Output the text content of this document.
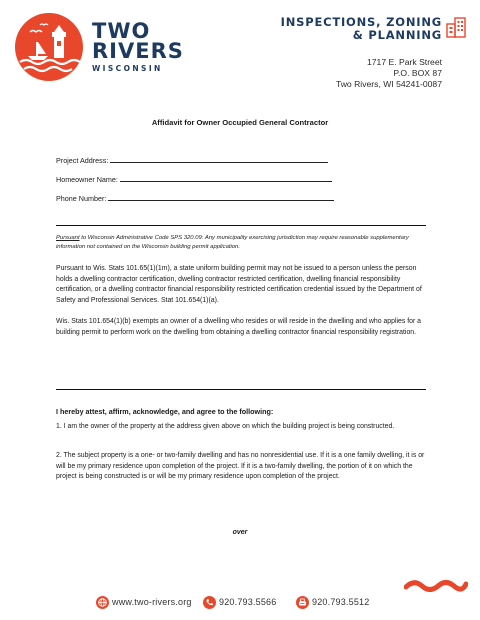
TWO
RIVERS
WISCONSIN
INSPECTIONS, ZONING
& PLANNING
1717 E. Park Street
P.O. BOX 87
Two Rivers, WI 54241-0087
Affidavit for Owner Occupied General Contractor
Project Address:
Homeowner Name:
Phone Number:
Pursuant to Wisconsin Administrative Code SPS 320.09: Any municipality exercising jurisdiction may require reasonable supplementary information not contained on the Wisconsin building permit application.
Pursuant to Wis. Stats 101.65(1)(1m), a state uniform building permit may not be issued to a person unless the person holds a dwelling contractor certification, dwelling contractor restricted certification, dwelling financial responsibility certification, or a dwelling contractor financial responsibility restricted certification credential issued by the Department of Safety and Professional Services. Stat 101.654(1)(a).
Wis. Stats 101.654(1)(b) exempts an owner of a dwelling who resides or will reside in the dwelling and who applies for a building permit to perform work on the dwelling from obtaining a dwelling contractor financial responsibility registration.
I hereby attest, affirm, acknowledge, and agree to the following:
1. I am the owner of the property at the address given above on which the building project is being constructed.
2. The subject property is a one- or two-family dwelling and has no nonresidential use. If it is a one family dwelling, it is or will be my primary residence upon completion of the project. If it is a two-family dwelling, the portion of it on which the project is being constructed is or will be my primary residence upon completion of the project.
over
www.two-rivers.org	920.793.5566	920.793.5512
